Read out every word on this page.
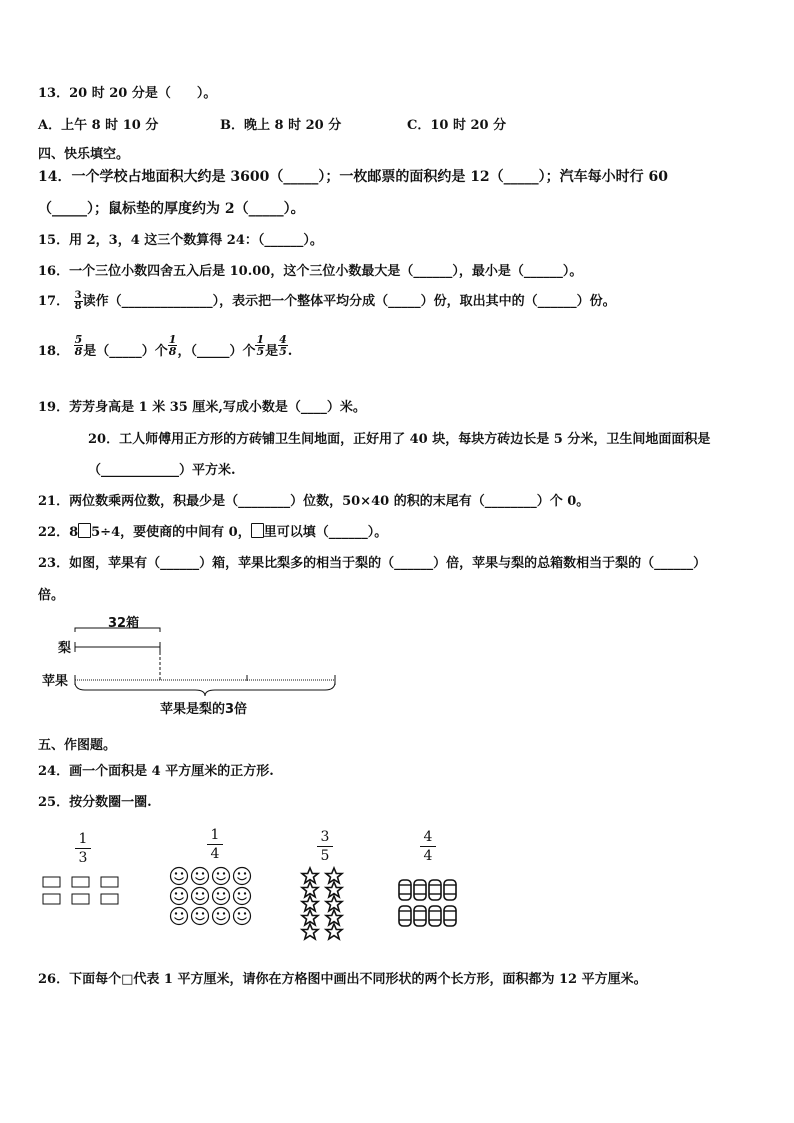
13．20 时 20 分是（　　）。
A．上午 8 时 10 分	B．晚上 8 时 20 分	C．10 时 20 分
四、快乐填空。
14．一个学校占地面积大约是 3600（_____）；一枚邮票的面积约是 12（_____）；汽车每小时行 60
（_____）；鼠标垫的厚度约为 2（_____）。
15．用 2，3，4 这三个数算得 24：（______）。
16．一个三位小数四舍五入后是 10.00，这个三位小数最大是（______），最小是（______）。
17． $\frac{3}{8}$ 读作（______________），表示把一个整体平均分成（_____）份，取出其中的（______）份。
18． $\frac{5}{8}$ 是（_____）个 $\frac{1}{8}$ ，（_____）个 $\frac{1}{5}$ 是 $\frac{4}{5}$ .
19．芳芳身高是 1 米 35 厘米,写成小数是（____）米。
20．工人师傅用正方形的方砖铺卫生间地面，正好用了 40 块，每块方砖边长是 5 分米，卫生间地面面积是
（____________）平方米.
21．两位数乘两位数，积最少是（________）位数，50×40 的积的末尾有（________）个 0。
22．8 5÷4，要使商的中间有 0， 里可以填（______）。
23．如图，苹果有（______）箱，苹果比梨多的相当于梨的（______）倍，苹果与梨的总箱数相当于梨的（______）
倍。
32箱
梨
苹果
苹果是梨的3倍
五、作图题。
24．画一个面积是 4 平方厘米的正方形.
25．按分数圈一圈.
$\frac{1}{3}$	$\frac{1}{4}$	$\frac{3}{5}$	$\frac{4}{4}$
26．下面每个□代表 1 平方厘米，请你在方格图中画出不同形状的两个长方形，面积都为 12 平方厘米。
